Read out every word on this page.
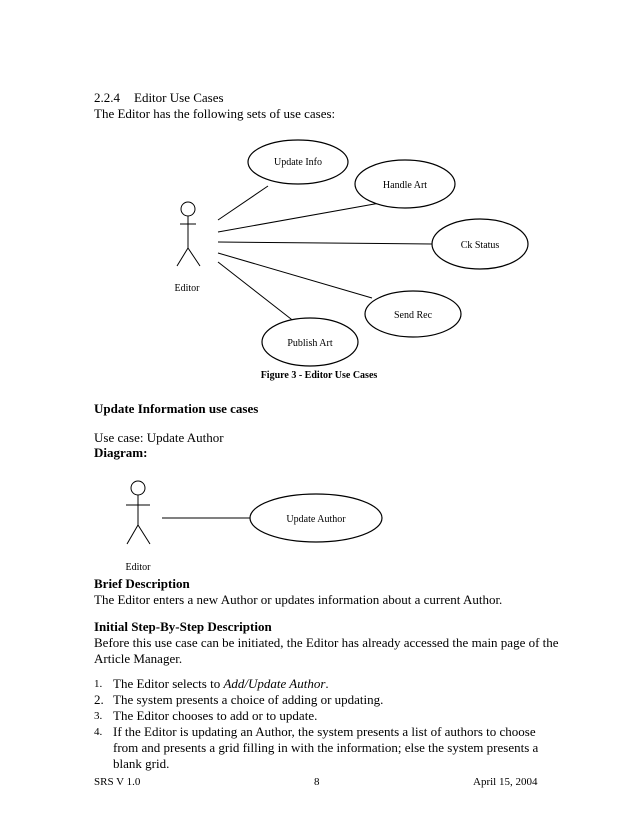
2.2.4 Editor Use Cases
The Editor has the following sets of use cases:
Update Info
Handle Art
Ck Status
Send Rec
Publish Art
Editor
Figure 3 - Editor Use Cases
Update Author
Editor
Update Information use cases
Use case: Update Author
Diagram:
Brief Description
The Editor enters a new Author or updates information about a current Author.
Initial Step-By-Step Description
Before this use case can be initiated, the Editor has already accessed the main page of the
Article Manager.
1. The Editor selects to Add/Update Author.
2. The system presents a choice of adding or updating.
3. The Editor chooses to add or to update.
4. If the Editor is updating an Author, the system presents a list of authors to choose from and presents a grid filling in with the information; else the system presents a blank grid.
SRS V 1.0	8	April 15, 2004
